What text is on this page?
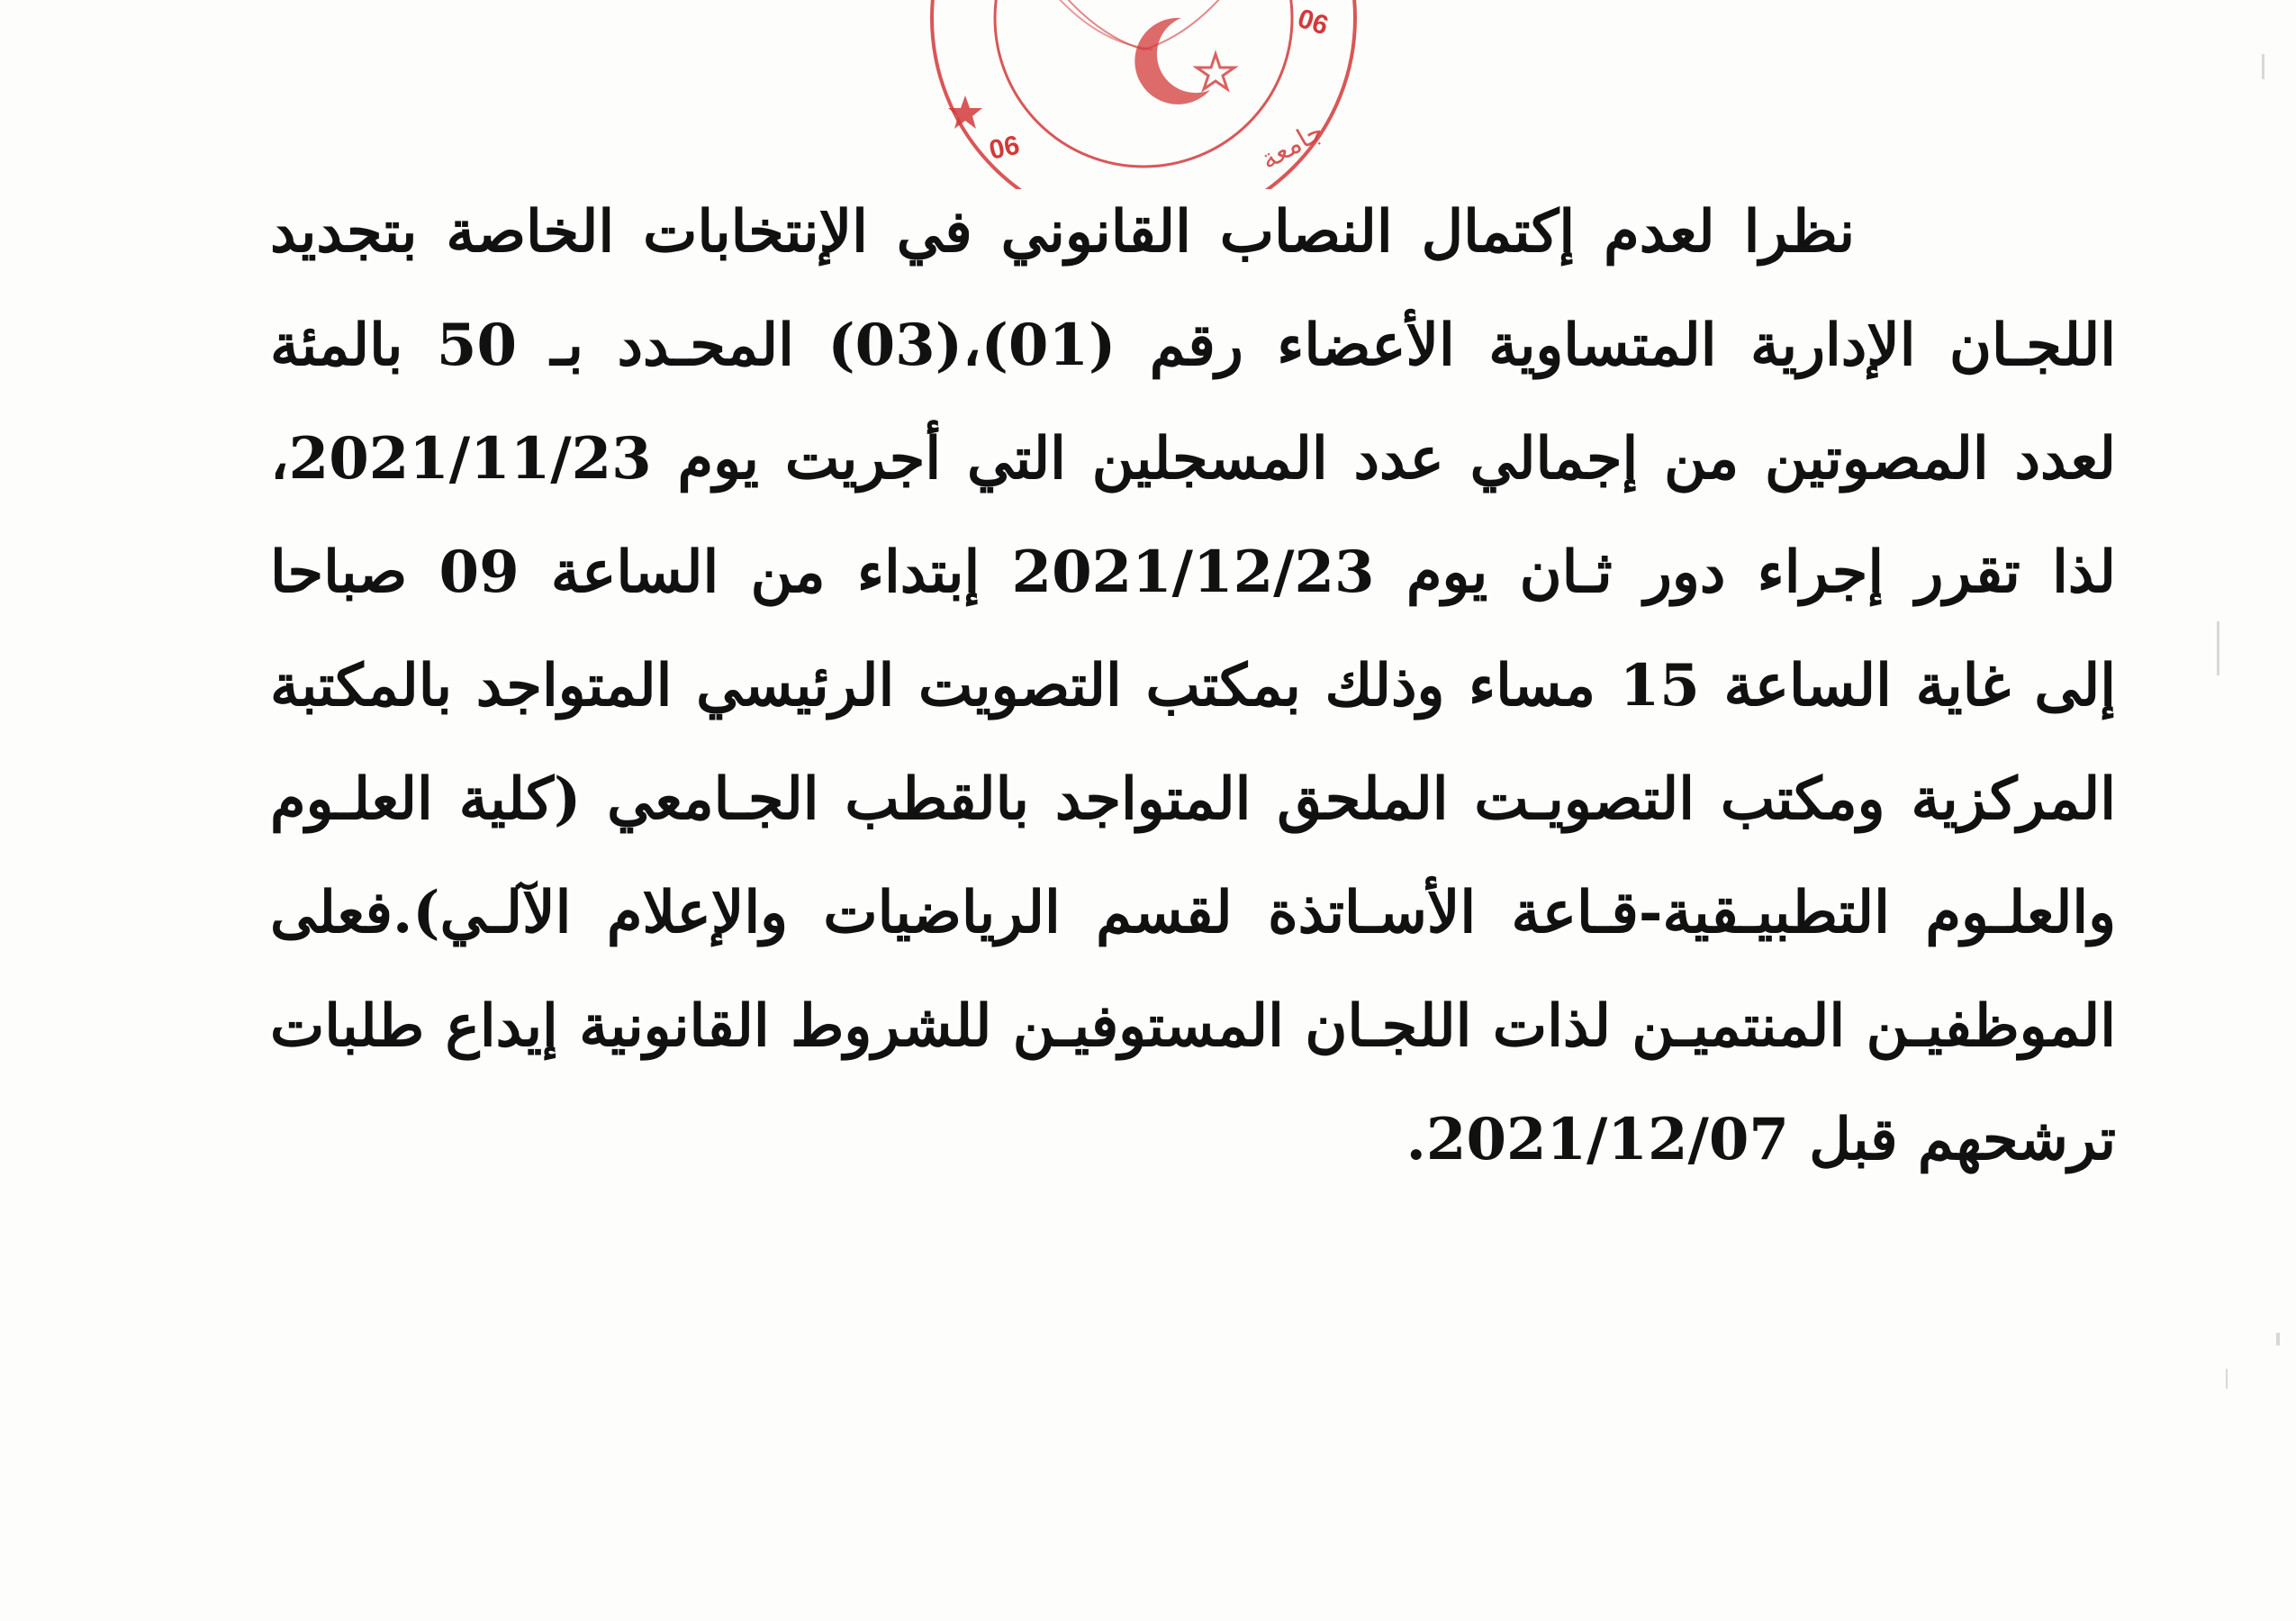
06
06
جامعة
نظرا لعدم إكتمال النصاب القانوني في الإنتخابات الخاصة بتجديد
اللجـان الإدارية المتساوية الأعضاء رقم (01)،(03) المحـدد بـ 50 بالمئة
لعدد المصوتين من إجمالي عدد المسجلين التي أجريت يوم 2021/11/23،
لذا تقرر إجراء دور ثـان يوم 2021/12/23 إبتداء من الساعة 09 صباحا
إلى غاية الساعة 15 مساء وذلك بمكتب التصويت الرئيسي المتواجد بالمكتبة
المركزية ومكتب التصويـت الملحق المتواجد بالقطب الجـامعي (كلية العلـوم
والعلـوم التطبيـقية-قـاعة الأسـاتذة لقسم الرياضيات والإعلام الآلـي).فعلى
الموظفيـن المنتميـن لذات اللجـان المستوفيـن للشروط القانونية إيداع طلبات
ترشحهم قبل 2021/12/07.
